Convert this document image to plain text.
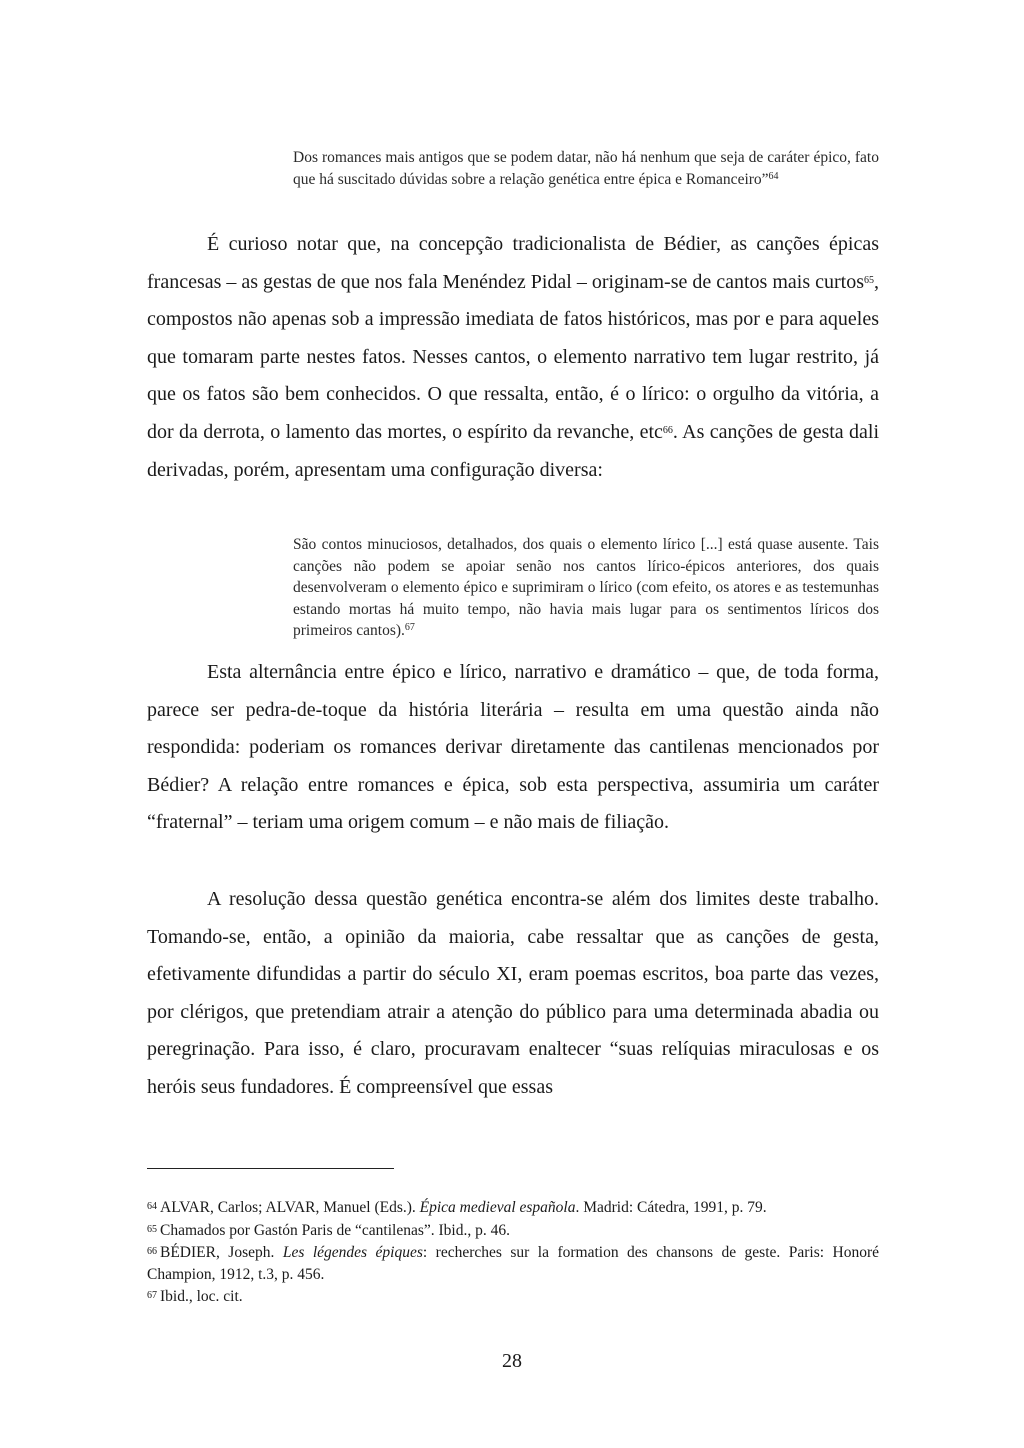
Dos romances mais antigos que se podem datar, não há nenhum que seja de caráter épico, fato que há suscitado dúvidas sobre a relação genética entre épica e Romanceiro”$^{64}$

É curioso notar que, na concepção tradicionalista de Bédier, as canções épicas francesas – as gestas de que nos fala Menéndez Pidal – originam-se de cantos mais curtos$^{65}$, compostos não apenas sob a impressão imediata de fatos históricos, mas por e para aqueles que tomaram parte nestes fatos. Nesses cantos, o elemento narrativo tem lugar restrito, já que os fatos são bem conhecidos. O que ressalta, então, é o lírico: o orgulho da vitória, a dor da derrota, o lamento das mortes, o espírito da revanche, etc$^{66}$. As canções de gesta dali derivadas, porém, apresentam uma configuração diversa:

São contos minuciosos, detalhados, dos quais o elemento lírico [...] está quase ausente. Tais canções não podem se apoiar senão nos cantos lírico-épicos anteriores, dos quais desenvolveram o elemento épico e suprimiram o lírico (com efeito, os atores e as testemunhas estando mortas há muito tempo, não havia mais lugar para os sentimentos líricos dos primeiros cantos).$^{67}$

Esta alternância entre épico e lírico, narrativo e dramático – que, de toda forma, parece ser pedra-de-toque da história literária – resulta em uma questão ainda não respondida: poderiam os romances derivar diretamente das cantilenas mencionados por Bédier? A relação entre romances e épica, sob esta perspectiva, assumiria um caráter “fraternal” – teriam uma origem comum – e não mais de filiação.

A resolução dessa questão genética encontra-se além dos limites deste trabalho. Tomando-se, então, a opinião da maioria, cabe ressaltar que as canções de gesta, efetivamente difundidas a partir do século XI, eram poemas escritos, boa parte das vezes, por clérigos, que pretendiam atrair a atenção do público para uma determinada abadia ou peregrinação. Para isso, é claro, procuravam enaltecer “suas relíquias miraculosas e os heróis seus fundadores. É compreensível que essas

64 ALVAR, Carlos; ALVAR, Manuel (Eds.). Épica medieval española. Madrid: Cátedra, 1991, p. 79.
65 Chamados por Gastón Paris de “cantilenas”. Ibid., p. 46.
66 BÉDIER, Joseph. Les légendes épiques: recherches sur la formation des chansons de geste. Paris: Honoré Champion, 1912, t.3, p. 456.
67 Ibid., loc. cit.
28
